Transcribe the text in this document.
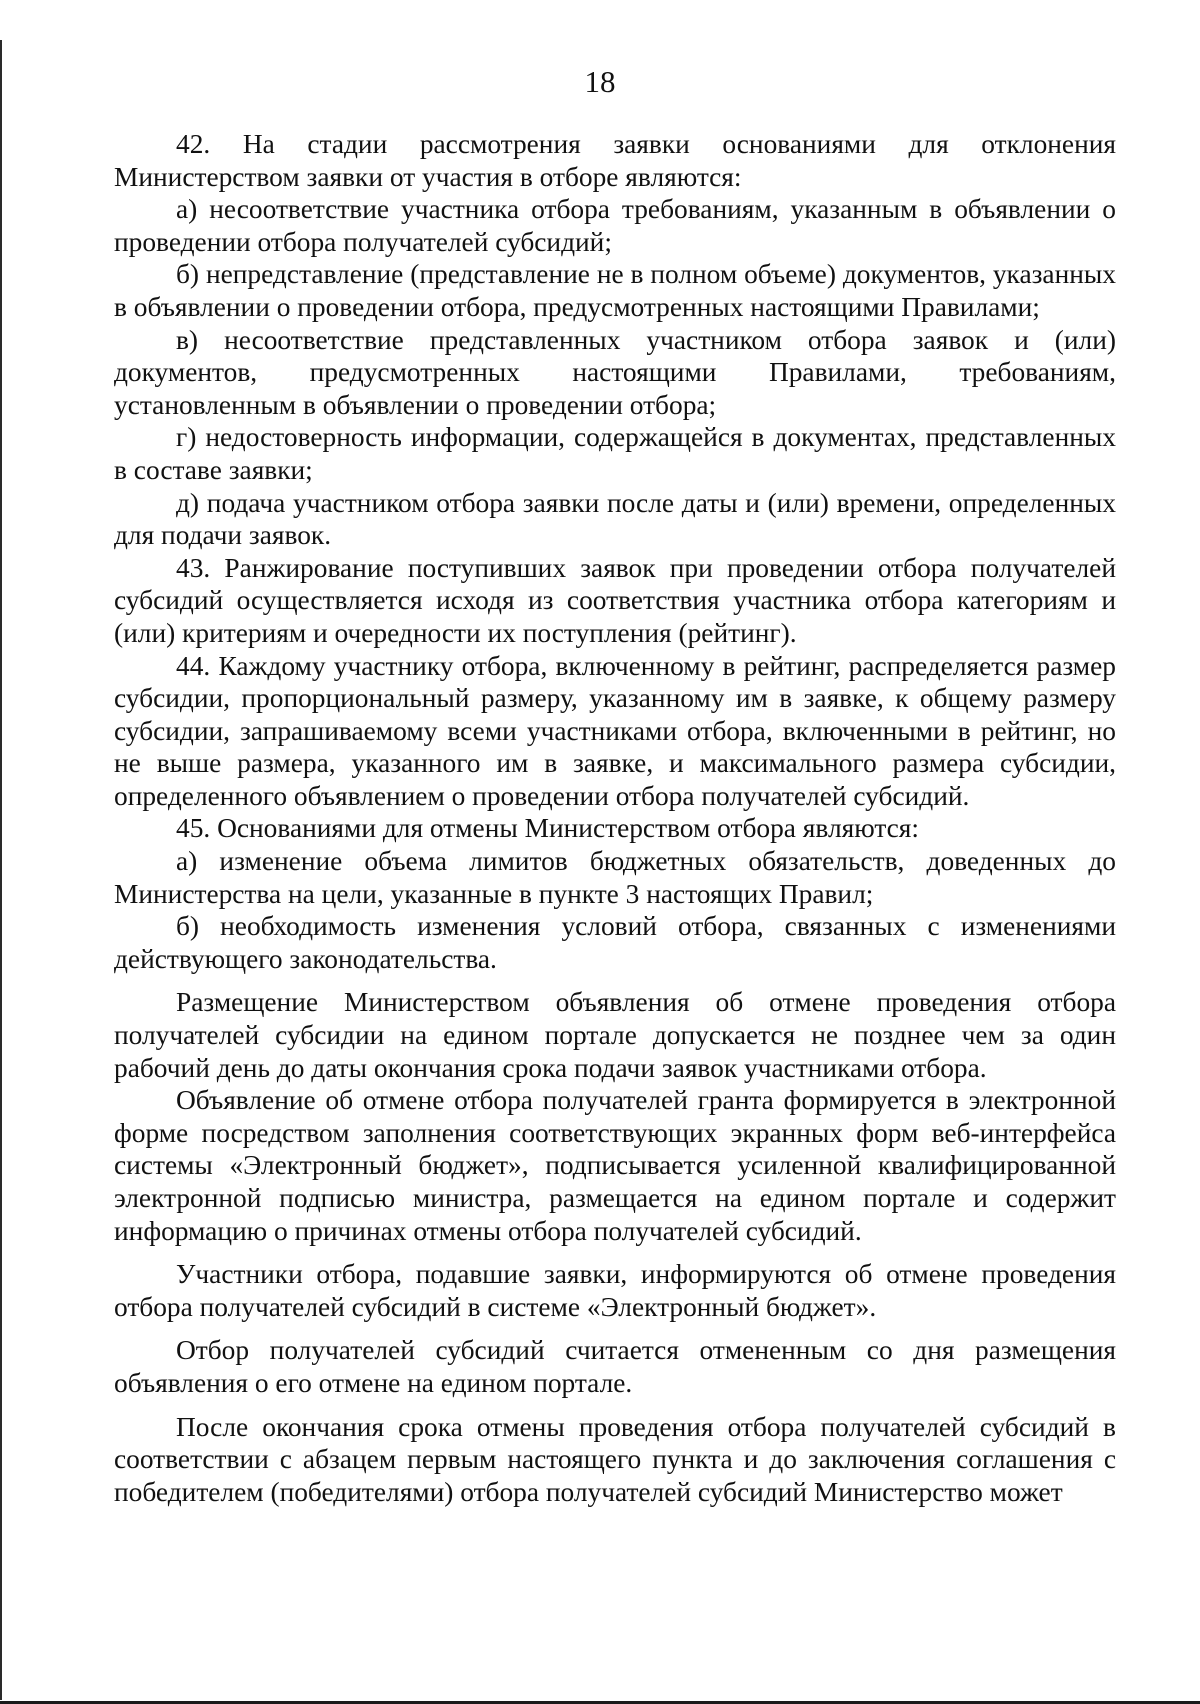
18

42. На стадии рассмотрения заявки основаниями для отклонения Министерством заявки от участия в отборе являются:

а) несоответствие участника отбора требованиям, указанным в объявлении о проведении отбора получателей субсидий;

б) непредставление (представление не в полном объеме) документов, указанных в объявлении о проведении отбора, предусмотренных настоящими Правилами;

в) несоответствие представленных участником отбора заявок и (или) документов, предусмотренных настоящими Правилами, требованиям, установленным в объявлении о проведении отбора;

г) недостоверность информации, содержащейся в документах, представленных в составе заявки;

д) подача участником отбора заявки после даты и (или) времени, определенных для подачи заявок.

43. Ранжирование поступивших заявок при проведении отбора получателей субсидий осуществляется исходя из соответствия участника отбора категориям и (или) критериям и очередности их поступления (рейтинг).

44. Каждому участнику отбора, включенному в рейтинг, распределяется размер субсидии, пропорциональный размеру, указанному им в заявке, к общему размеру субсидии, запрашиваемому всеми участниками отбора, включенными в рейтинг, но не выше размера, указанного им в заявке, и максимального размера субсидии, определенного объявлением о проведении отбора получателей субсидий.

45. Основаниями для отмены Министерством отбора являются:

а) изменение объема лимитов бюджетных обязательств, доведенных до Министерства на цели, указанные в пункте 3 настоящих Правил;

б) необходимость изменения условий отбора, связанных с изменениями действующего законодательства.

Размещение Министерством объявления об отмене проведения отбора получателей субсидии на едином портале допускается не позднее чем за один рабочий день до даты окончания срока подачи заявок участниками отбора.

Объявление об отмене отбора получателей гранта формируется в электронной форме посредством заполнения соответствующих экранных форм веб-интерфейса системы «Электронный бюджет», подписывается усиленной квалифицированной электронной подписью министра, размещается на едином портале и содержит информацию о причинах отмены отбора получателей субсидий.

Участники отбора, подавшие заявки, информируются об отмене проведения отбора получателей субсидий в системе «Электронный бюджет».

Отбор получателей субсидий считается отмененным со дня размещения объявления о его отмене на едином портале.

После окончания срока отмены проведения отбора получателей субсидий в соответствии с абзацем первым настоящего пункта и до заключения соглашения с победителем (победителями) отбора получателей субсидий Министерство может
